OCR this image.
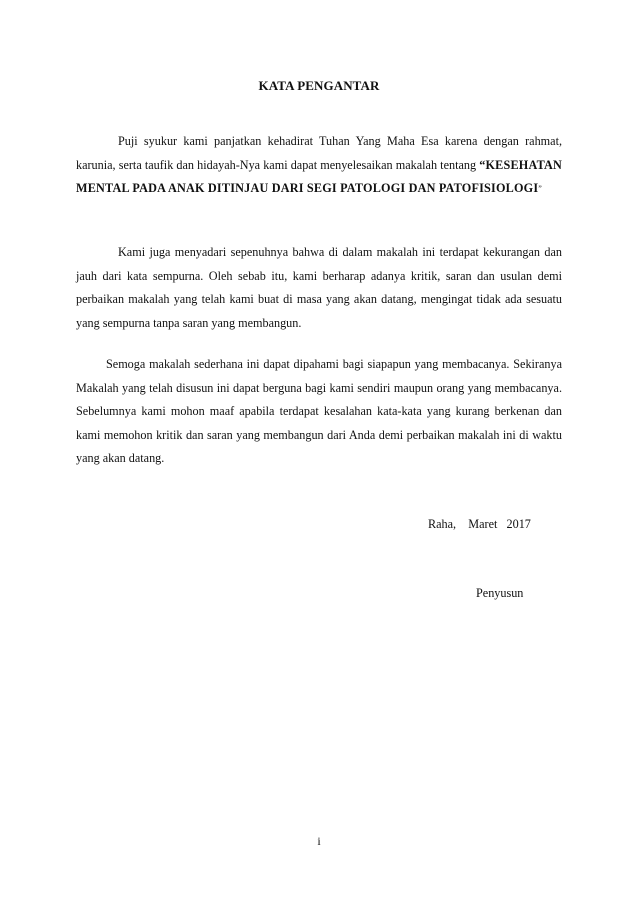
KATA PENGANTAR

Puji syukur kami panjatkan kehadirat Tuhan Yang Maha Esa karena dengan rahmat, karunia, serta taufik dan hidayah-Nya kami dapat menyelesaikan makalah tentang “KESEHATAN MENTAL PADA ANAK DITINJAU DARI SEGI PATOLOGI DAN PATOFISIOLOGI”

Kami juga menyadari sepenuhnya bahwa di dalam makalah ini terdapat kekurangan dan jauh dari kata sempurna. Oleh sebab itu, kami berharap adanya kritik, saran dan usulan demi perbaikan makalah yang telah kami buat di masa yang akan datang, mengingat tidak ada sesuatu yang sempurna tanpa saran yang membangun.

Semoga makalah sederhana ini dapat dipahami bagi siapapun yang membacanya. Sekiranya Makalah yang telah disusun ini dapat berguna bagi kami sendiri maupun orang yang membacanya. Sebelumnya kami mohon maaf apabila terdapat kesalahan kata-kata yang kurang berkenan dan kami memohon kritik dan saran yang membangun dari Anda demi perbaikan makalah ini di waktu yang akan datang.

Raha,    Maret   2017
Penyusun
i
